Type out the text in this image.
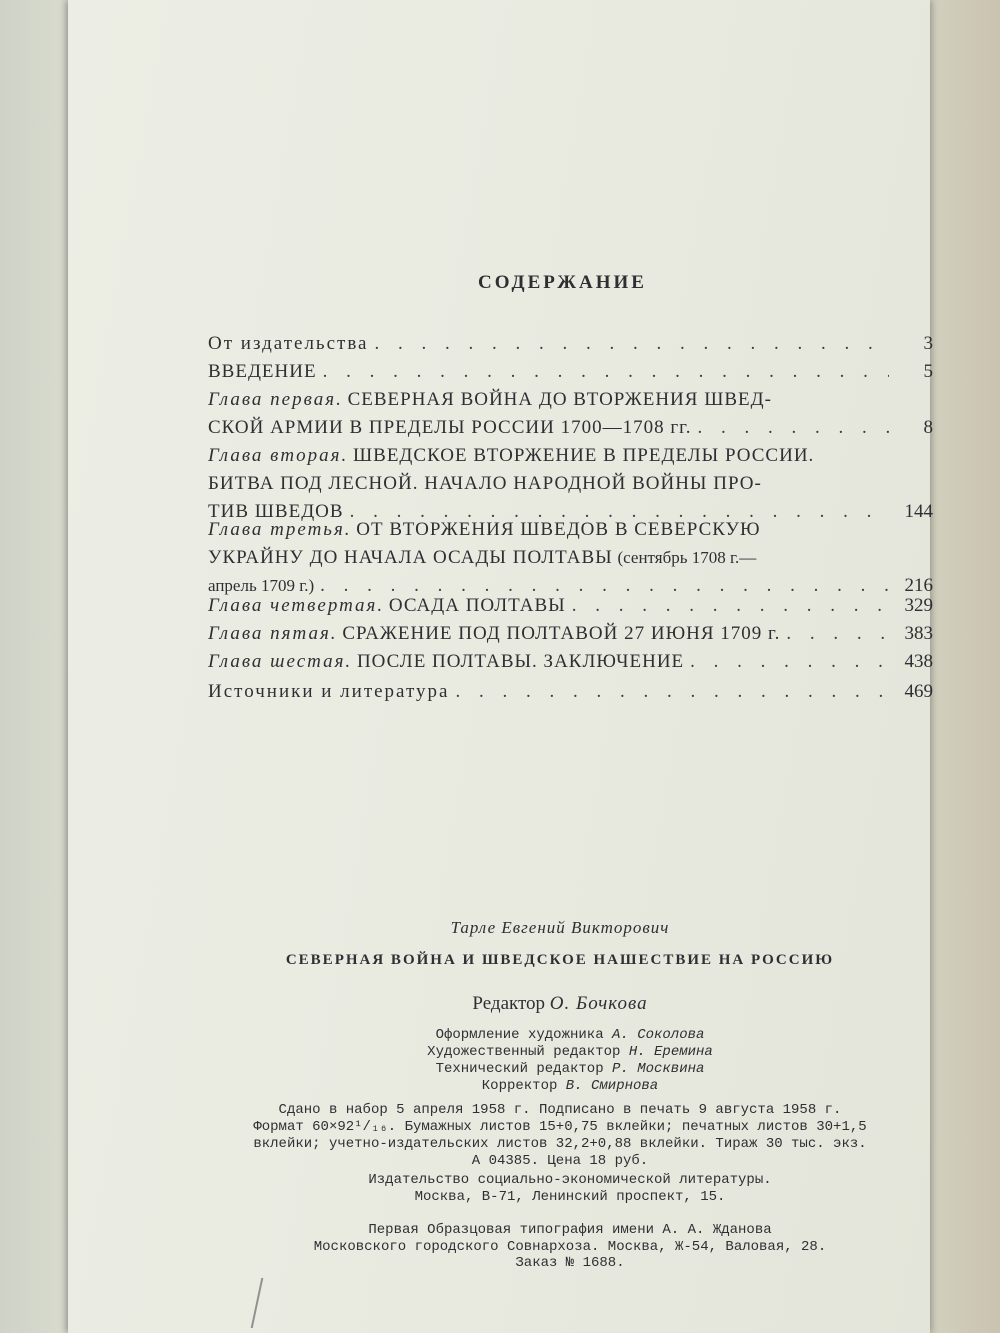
СОДЕРЖАНИЕ
От издательства . . .	3
ВВЕДЕНИЕ . . .	5
Глава первая. СЕВЕРНАЯ ВОЙНА ДО ВТОРЖЕНИЯ ШВЕД-
СКОЙ АРМИИ В ПРЕДЕЛЫ РОССИИ 1700—1708 гг. . . .	8
Глава вторая. ШВЕДСКОЕ ВТОРЖЕНИЕ В ПРЕДЕЛЫ РОССИИ.
БИТВА ПОД ЛЕСНОЙ. НАЧАЛО НАРОДНОЙ ВОЙНЫ ПРО-
ТИВ ШВЕДОВ . . .	144
Глава третья. ОТ ВТОРЖЕНИЯ ШВЕДОВ В СЕВЕРСКУЮ
УКРАЙНУ ДО НАЧАЛА ОСАДЫ ПОЛТАВЫ (сентябрь 1708 г.—
апрель 1709 г.) . . .	216
Глава четвертая. ОСАДА ПОЛТАВЫ . . .	329
Глава пятая. СРАЖЕНИЕ ПОД ПОЛТАВОЙ 27 ИЮНЯ 1709 г. . . .	383
Глава шестая. ПОСЛЕ ПОЛТАВЫ. ЗАКЛЮЧЕНИЕ . . .	438
Источники и литература . . .	469
Тарле Евгений Викторович
СЕВЕРНАЯ ВОЙНА И ШВЕДСКОЕ НАШЕСТВИЕ НА РОССИЮ
Редактор О. Бочкова
Оформление художника А. Соколова
Художественный редактор Н. Еремина
Технический редактор Р. Москвина
Корректор В. Смирнова
Сдано в набор 5 апреля 1958 г. Подписано в печать 9 августа 1958 г.
Формат 60×92¹/₁₆. Бумажных листов 15+0,75 вклейки; печатных листов 30+1,5
вклейки; учетно-издательских листов 32,2+0,88 вклейки. Тираж 30 тыс. экз.
А 04385. Цена 18 руб.
Издательство социально-экономической литературы.
Москва, В-71, Ленинский проспект, 15.
Первая Образцовая типография имени А. А. Жданова
Московского городского Совнархоза. Москва, Ж-54, Валовая, 28.
Заказ № 1688.
